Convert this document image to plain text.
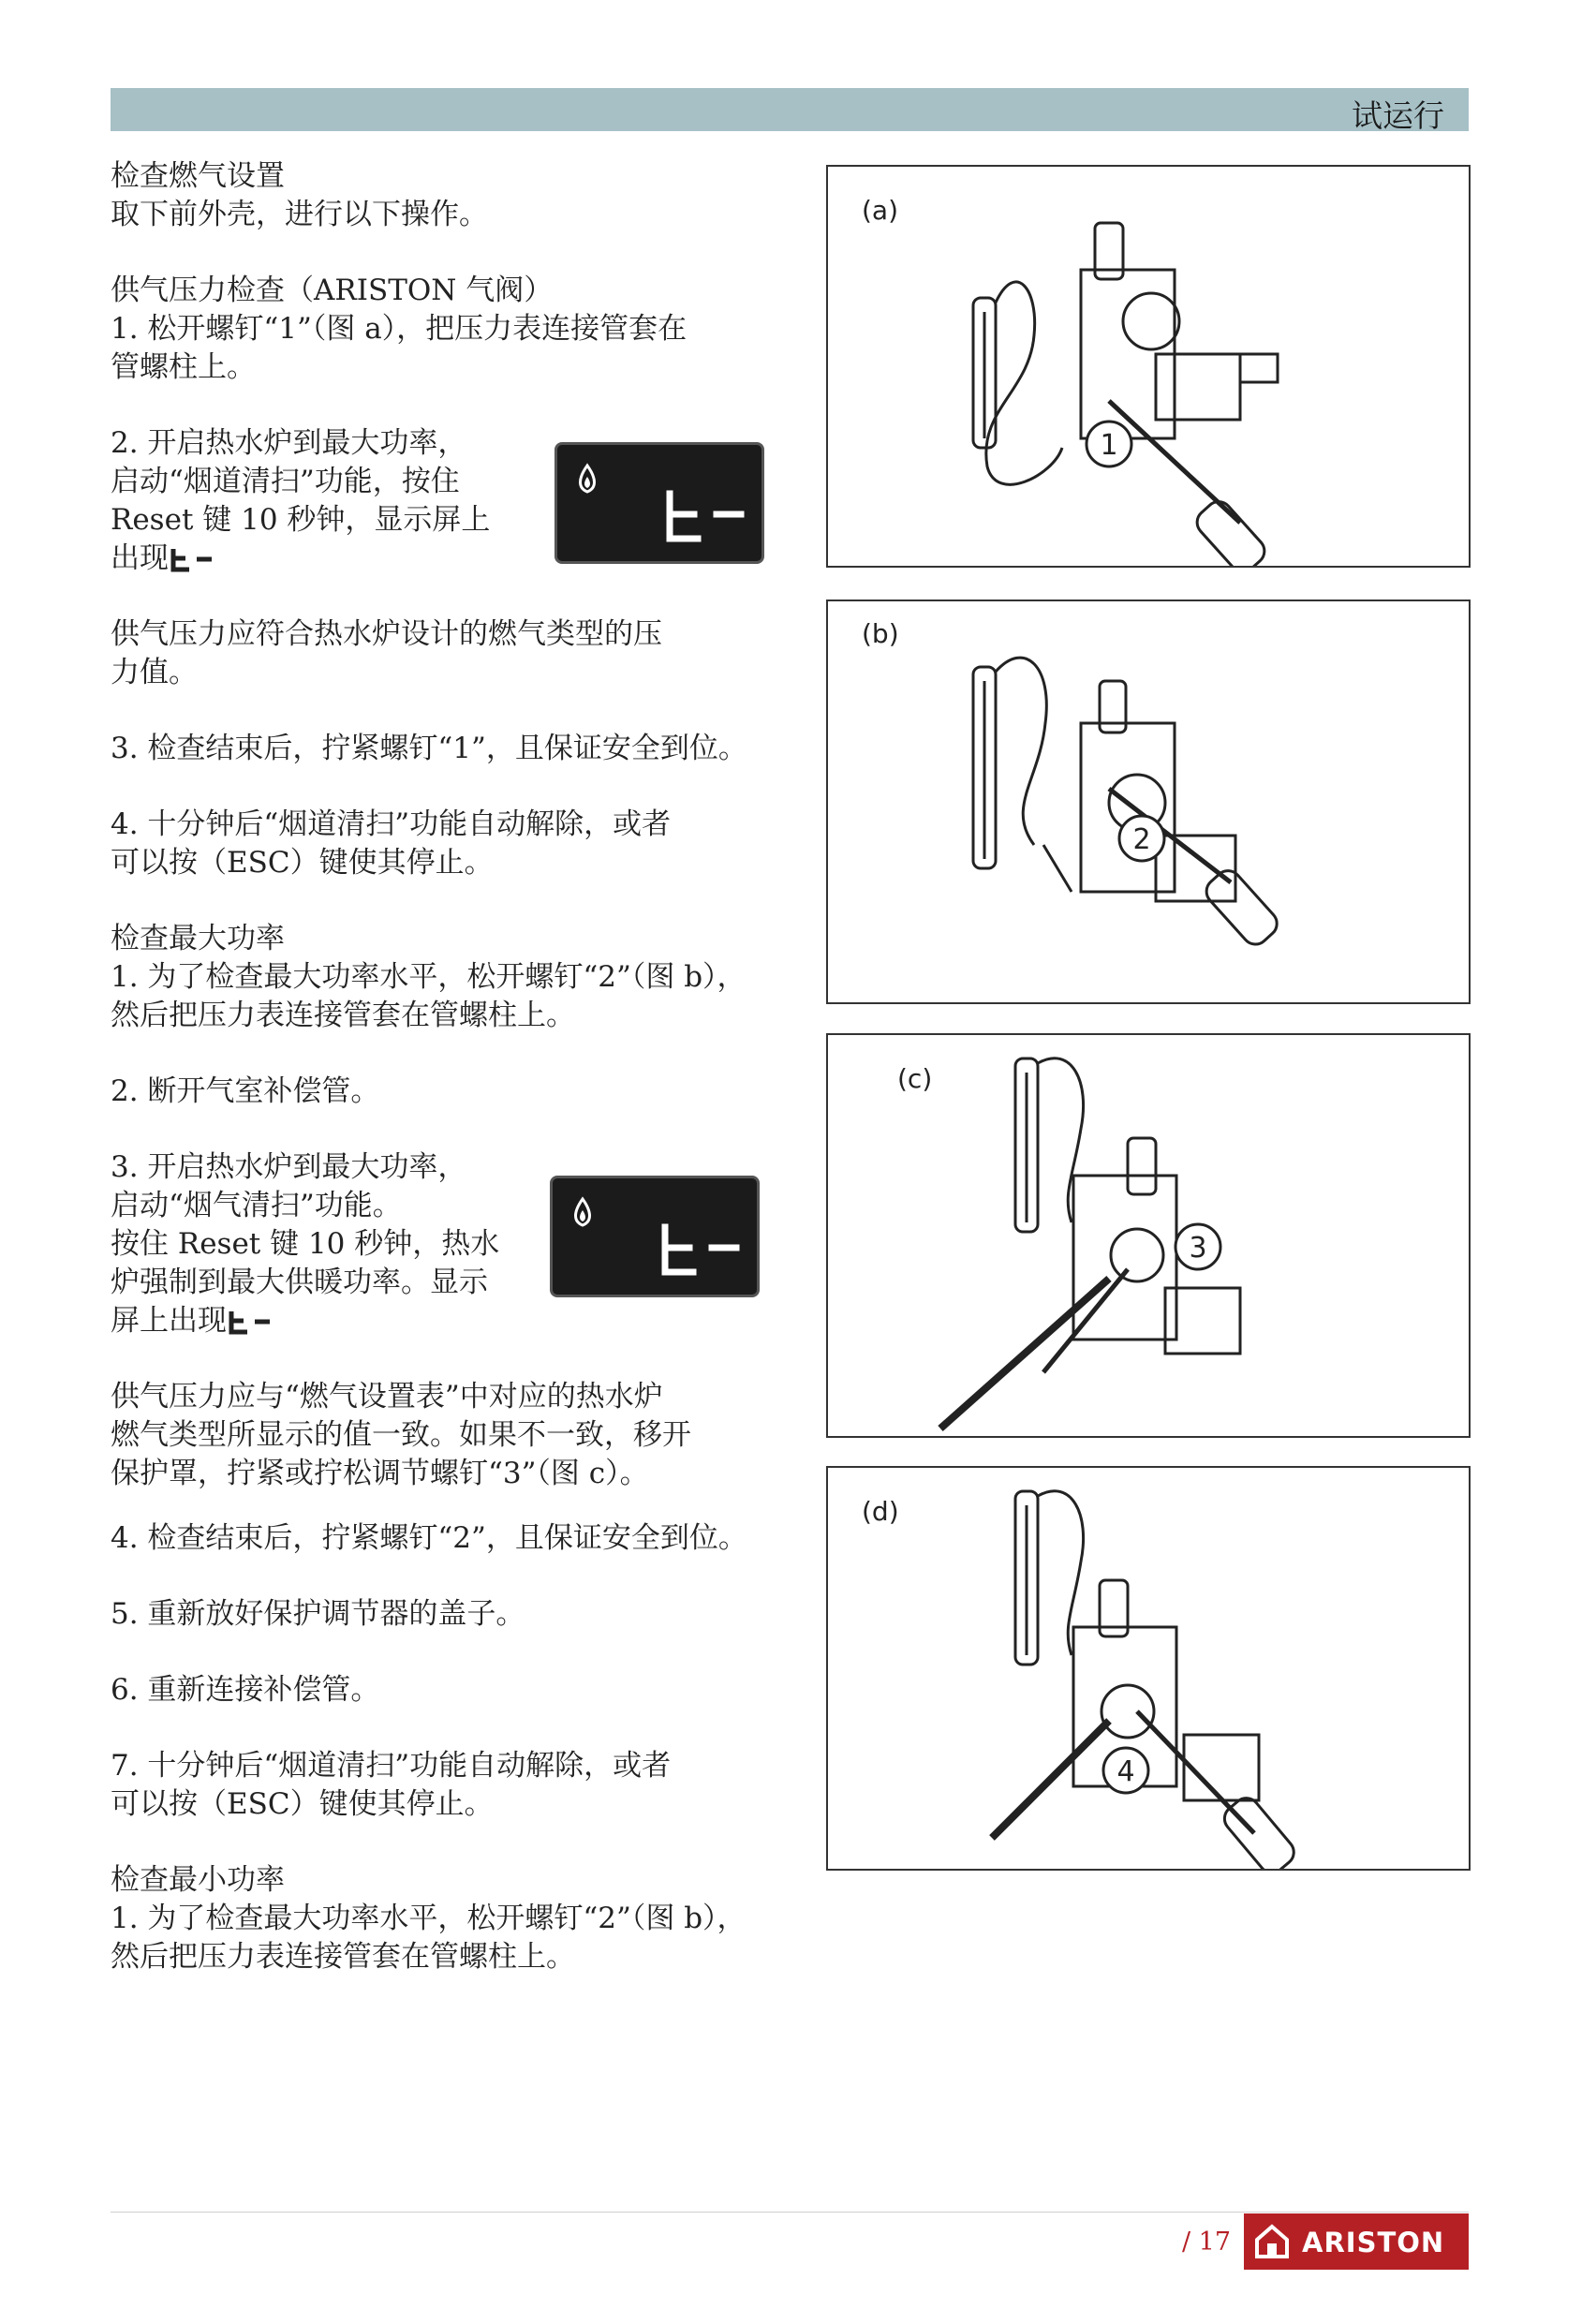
试运行

检查燃气设置

取下前外壳，进行以下操作。

供气压力检查（ARISTON 气阀）

1. 松开螺钉“1”（图 a），把压力表连接管套在

管螺柱上。

2. 开启热水炉到最大功率，

启动“烟道清扫”功能，按住

Reset 键 10 秒钟，显示屏上

出现

供气压力应符合热水炉设计的燃气类型的压

力值。

3. 检查结束后，拧紧螺钉“1”，且保证安全到位。

4. 十分钟后“烟道清扫”功能自动解除，或者

可以按（ESC）键使其停止。

检查最大功率

1. 为了检查最大功率水平，松开螺钉“2”（图 b），

然后把压力表连接管套在管螺柱上。

2. 断开气室补偿管。

3. 开启热水炉到最大功率，

启动“烟气清扫”功能。

按住 Reset 键 10 秒钟，热水

炉强制到最大供暖功率。显示

屏上出现

供气压力应与“燃气设置表”中对应的热水炉

燃气类型所显示的值一致。如果不一致，移开

保护罩，拧紧或拧松调节螺钉“3”（图 c）。

4. 检查结束后，拧紧螺钉“2”，且保证安全到位。

5. 重新放好保护调节器的盖子。

6. 重新连接补偿管。

7. 十分钟后“烟道清扫”功能自动解除，或者

可以按（ESC）键使其停止。

检查最小功率

1. 为了检查最大功率水平，松开螺钉“2”（图 b），

然后把压力表连接管套在管螺柱上。

(a)
1
(b)
2
(c)
3
(d)
4
/ 17	ARISTON
